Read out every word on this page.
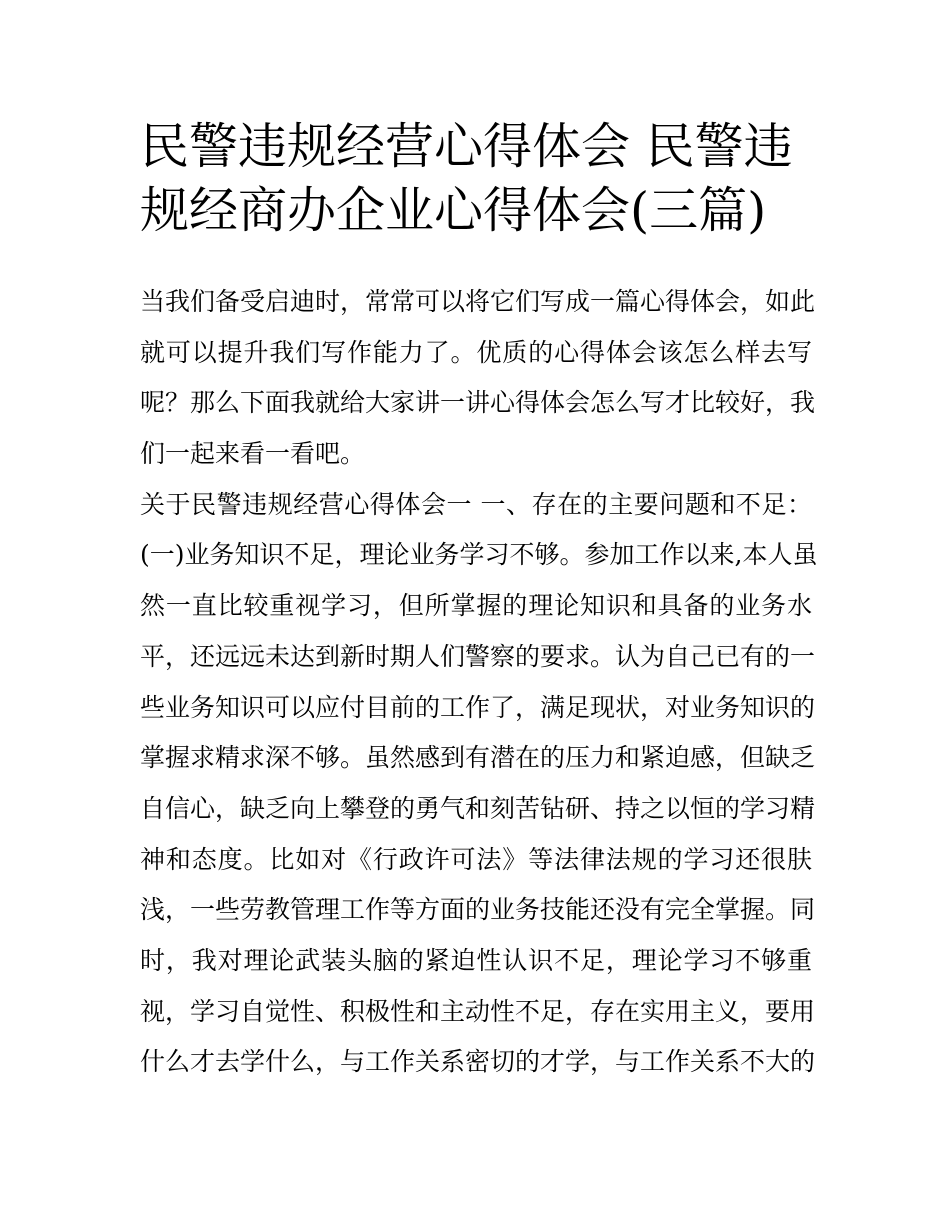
民警违规经营心得体会 民警违
规经商办企业心得体会(三篇)
当我们备受启迪时，常常可以将它们写成一篇心得体会，如此
就可以提升我们写作能力了。优质的心得体会该怎么样去写
呢？那么下面我就给大家讲一讲心得体会怎么写才比较好，我
们一起来看一看吧。
关于民警违规经营心得体会一 一、存在的主要问题和不足：
(一)业务知识不足，理论业务学习不够。参加工作以来,本人虽
然一直比较重视学习，但所掌握的理论知识和具备的业务水
平，还远远未达到新时期人们警察的要求。认为自己已有的一
些业务知识可以应付目前的工作了，满足现状，对业务知识的
掌握求精求深不够。虽然感到有潜在的压力和紧迫感，但缺乏
自信心，缺乏向上攀登的勇气和刻苦钻研、持之以恒的学习精
神和态度。比如对《行政许可法》等法律法规的学习还很肤
浅，一些劳教管理工作等方面的业务技能还没有完全掌握。同
时，我对理论武装头脑的紧迫性认识不足，理论学习不够重
视，学习自觉性、积极性和主动性不足，存在实用主义，要用
什么才去学什么，与工作关系密切的才学，与工作关系不大的
